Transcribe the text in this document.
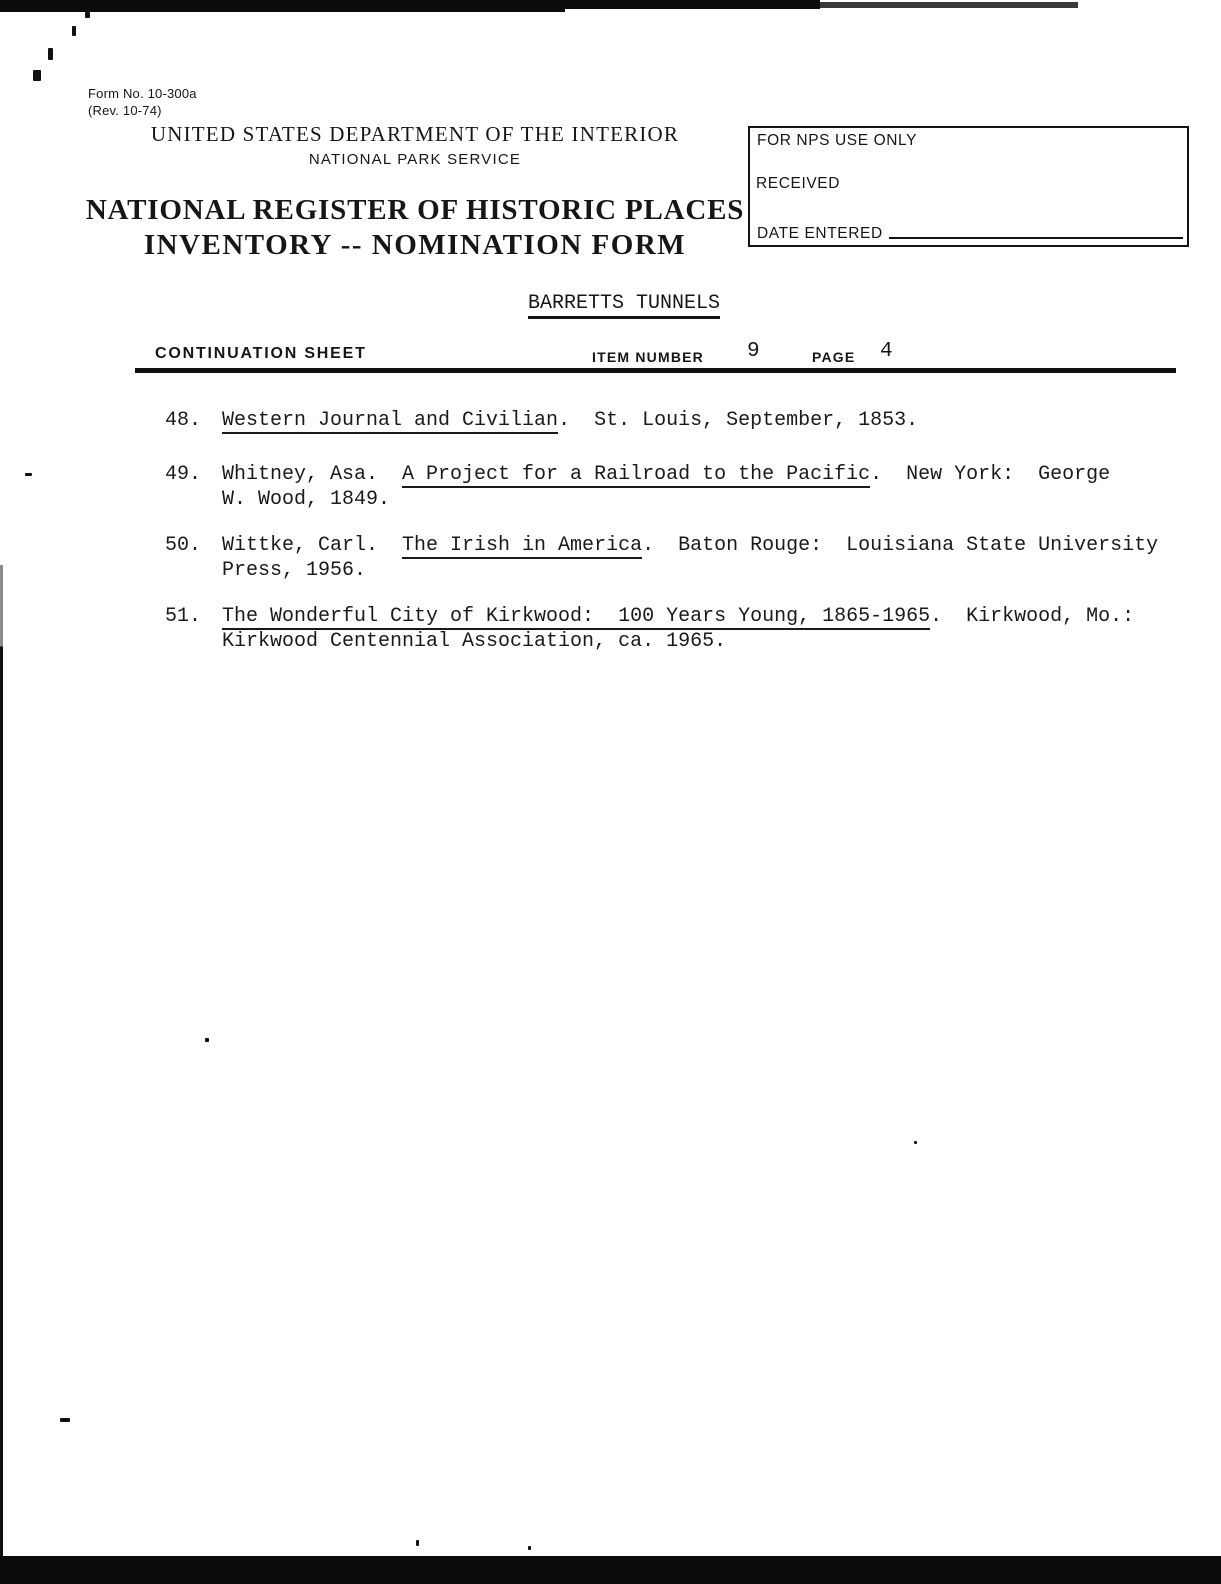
Form No. 10-300a
(Rev. 10-74)
UNITED STATES DEPARTMENT OF THE INTERIOR
NATIONAL PARK SERVICE
FOR NPS USE ONLY
RECEIVED
DATE ENTERED
NATIONAL REGISTER OF HISTORIC PLACES
INVENTORY -- NOMINATION FORM
BARRETTS TUNNELS
CONTINUATION SHEET	ITEM NUMBER 9	PAGE 4
48.	Western Journal and Civilian.  St. Louis, September, 1853.
49.	Whitney, Asa.  A Project for a Railroad to the Pacific.  New York:  George
W. Wood, 1849.
50.	Wittke, Carl.  The Irish in America.  Baton Rouge:  Louisiana State University
Press, 1956.
51.	The Wonderful City of Kirkwood:  100 Years Young, 1865-1965.  Kirkwood, Mo.:
Kirkwood Centennial Association, ca. 1965.
